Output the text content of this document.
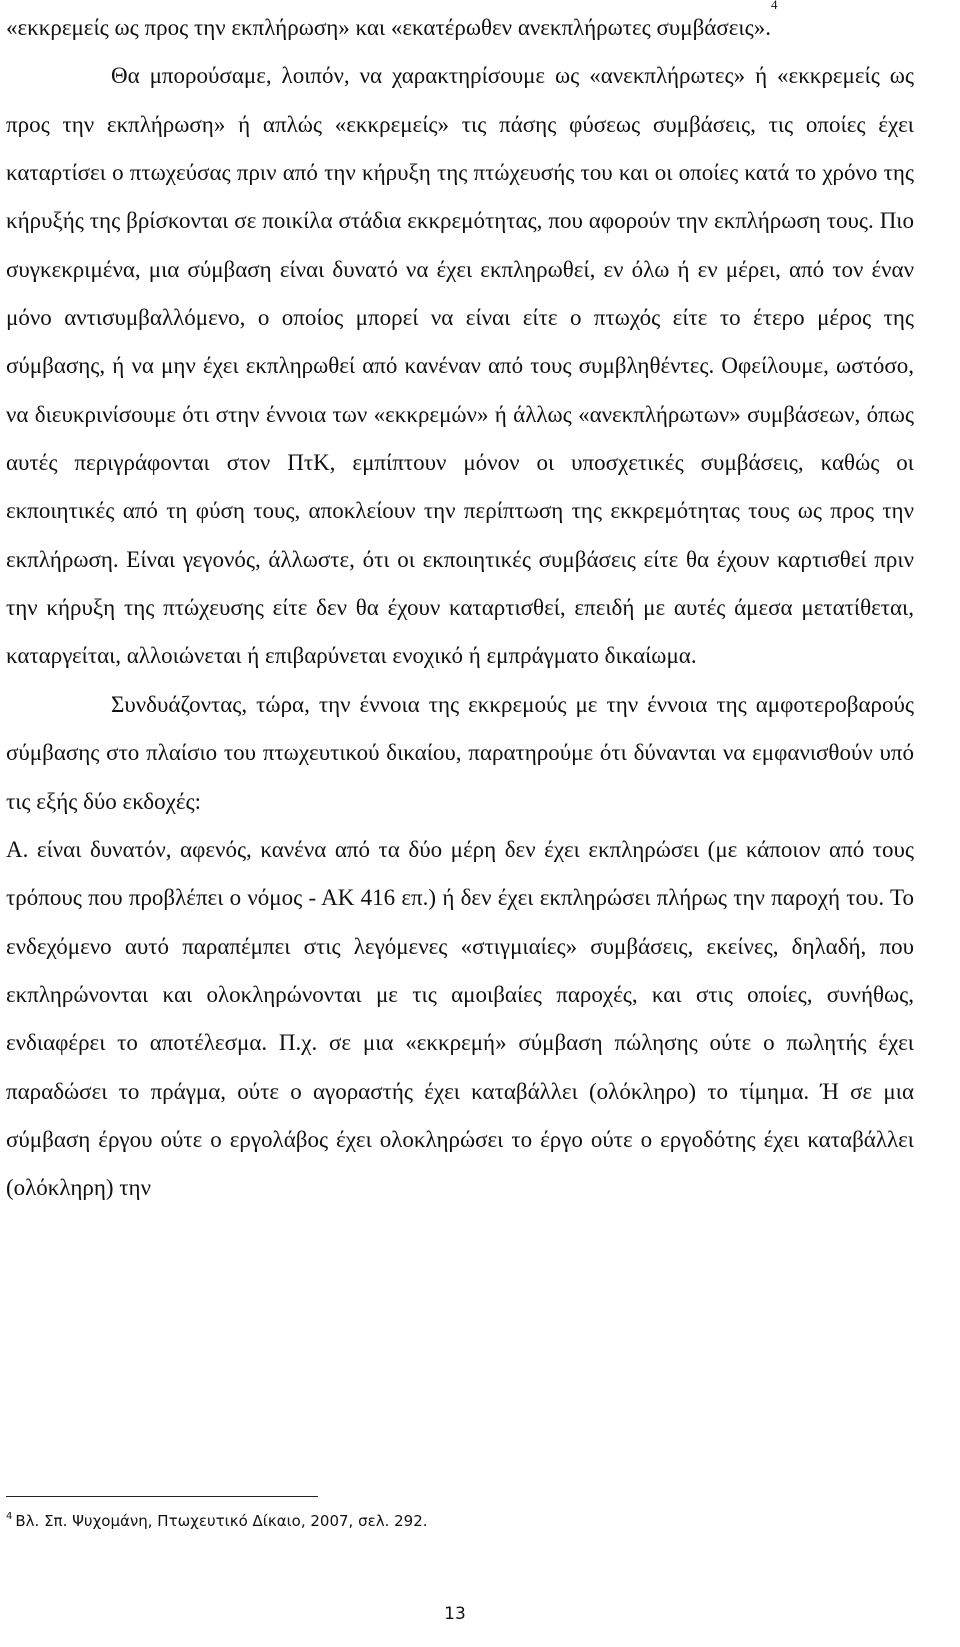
«εκκρεμείς ως προς την εκπλήρωση» και «εκατέρωθεν ανεκπλήρωτες συμβάσεις».$^4$

Θα μπορούσαμε, λοιπόν, να χαρακτηρίσουμε ως «ανεκπλήρωτες» ή «εκκρεμείς ως προς την εκπλήρωση» ή απλώς «εκκρεμείς» τις πάσης φύσεως συμβάσεις, τις οποίες έχει καταρτίσει ο πτωχεύσας πριν από την κήρυξη της πτώχευσής του και οι οποίες κατά το χρόνο της κήρυξής της βρίσκονται σε ποικίλα στάδια εκκρεμότητας, που αφορούν την εκπλήρωση τους. Πιο συγκεκριμένα, μια σύμβαση είναι δυνατό να έχει εκπληρωθεί, εν όλω ή εν μέρει, από τον έναν μόνο αντισυμβαλλόμενο, ο οποίος μπορεί να είναι είτε ο πτωχός είτε το έτερο μέρος της σύμβασης, ή να μην έχει εκπληρωθεί από κανέναν από τους συμβληθέντες. Οφείλουμε, ωστόσο, να διευκρινίσουμε ότι στην έννοια των «εκκρεμών» ή άλλως «ανεκπλήρωτων» συμβάσεων, όπως αυτές περιγράφονται στον ΠτΚ, εμπίπτουν μόνον οι υποσχετικές συμβάσεις, καθώς οι εκποιητικές από τη φύση τους, αποκλείουν την περίπτωση της εκκρεμότητας τους ως προς την εκπλήρωση. Είναι γεγονός, άλλωστε, ότι οι εκποιητικές συμβάσεις είτε θα έχουν καρτισθεί πριν την κήρυξη της πτώχευσης είτε δεν θα έχουν καταρτισθεί, επειδή με αυτές άμεσα μετατίθεται, καταργείται, αλλοιώνεται ή επιβαρύνεται ενοχικό ή εμπράγματο δικαίωμα.

Συνδυάζοντας, τώρα, την έννοια της εκκρεμούς με την έννοια της αμφοτεροβαρούς σύμβασης στο πλαίσιο του πτωχευτικού δικαίου, παρατηρούμε ότι δύνανται να εμφανισθούν υπό τις εξής δύο εκδοχές:

Α. είναι δυνατόν, αφενός, κανένα από τα δύο μέρη δεν έχει εκπληρώσει (με κάποιον από τους τρόπους που προβλέπει ο νόμος - ΑΚ 416 επ.) ή δεν έχει εκπληρώσει πλήρως την παροχή του. Το ενδεχόμενο αυτό παραπέμπει στις λεγόμενες «στιγμιαίες» συμβάσεις, εκείνες, δηλαδή, που εκπληρώνονται και ολοκληρώνονται με τις αμοιβαίες παροχές, και στις οποίες, συνήθως, ενδιαφέρει το αποτέλεσμα. Π.χ. σε μια «εκκρεμή» σύμβαση πώλησης ούτε ο πωλητής έχει παραδώσει το πράγμα, ούτε ο αγοραστής έχει καταβάλλει (ολόκληρο) το τίμημα. Ή σε μια σύμβαση έργου ούτε ο εργολάβος έχει ολοκληρώσει το έργο ούτε ο εργοδότης έχει καταβάλλει (ολόκληρη) την

$^4$ Βλ. Σπ. Ψυχομάνη, Πτωχευτικό Δίκαιο, 2007, σελ. 292.
13
